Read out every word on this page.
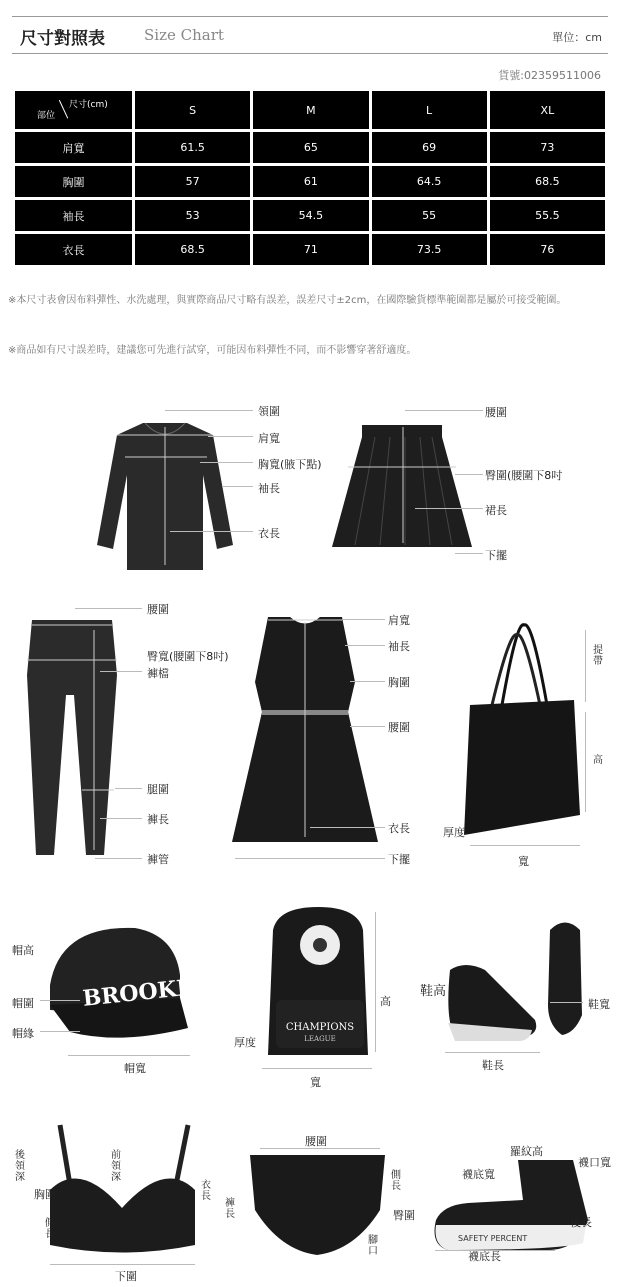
尺寸對照表	Size Chart	單位：cm
貨號:02359511006
部位
尺寸(cm)	S	M	L	XL
肩寬	61.5	65	69	73
胸圍	57	61	64.5	68.5
袖長	53	54.5	55	55.5
衣長	68.5	71	73.5	76
※本尺寸表會因布料彈性、水洗處理，與實際商品尺寸略有誤差，誤差尺寸±2cm，在國際驗貨標準範圍都是屬於可接受範圍。
※商品如有尺寸誤差時，建議您可先進行試穿，可能因布料彈性不同，而不影響穿著舒適度。
領圍
肩寬
胸寬(腋下點)
袖長
衣長
腰圍
臀圍(腰圍下8吋
裙長
下擺
腰圍
臀寬(腰圍下8吋)
褲檔
腿圍
褲長
褲管
肩寬
袖長
胸圍
腰圍
衣長
下擺
提帶
高
厚度
寬
BROOKLYN
帽高
帽圍
帽緣
帽寬
CHAMPIONS
LEAGUE
高
厚度
寬
鞋高
鞋寬
鞋長
後領深
前領深
衣長
胸圍
側長
下圍
腰圍
側長
褲長	臀圍
腳口
SAFETY PERCENT
羅紋高
襪口寬
襪底寬
後長
襪底長
